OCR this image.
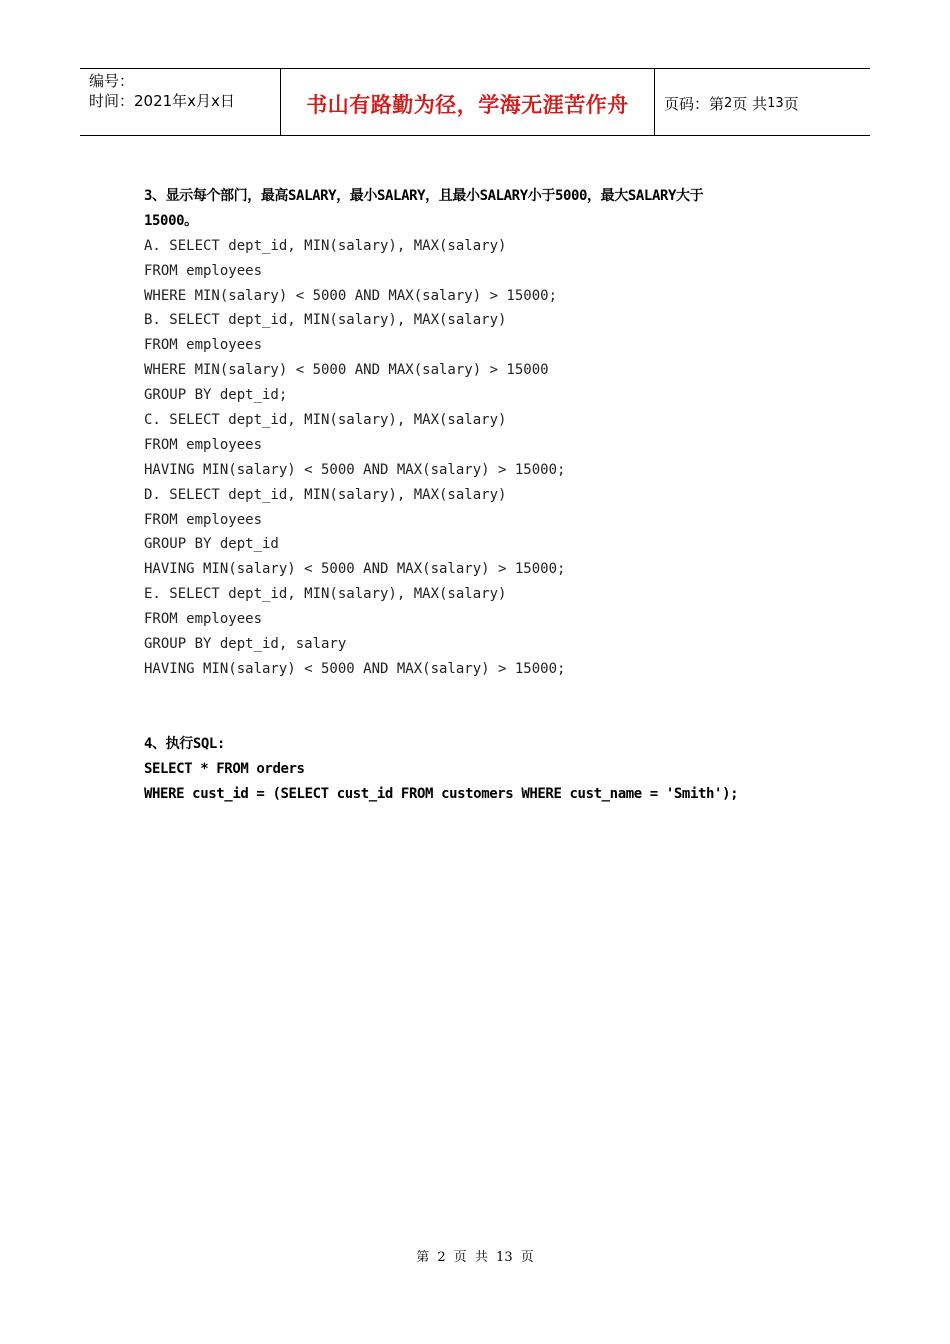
编号：
时间：2021年x月x日	书山有路勤为径，学海无涯苦作舟 页码：第 2 页 共 13 页
3、显示每个部门，最高SALARY，最小SALARY，且最小SALARY小于5000，最大SALARY大于
15000。
A. SELECT dept_id, MIN(salary), MAX(salary)
FROM employees
WHERE MIN(salary) < 5000 AND MAX(salary) > 15000;
B. SELECT dept_id, MIN(salary), MAX(salary)
FROM employees
WHERE MIN(salary) < 5000 AND MAX(salary) > 15000
GROUP BY dept_id;
C. SELECT dept_id, MIN(salary), MAX(salary)
FROM employees
HAVING MIN(salary) < 5000 AND MAX(salary) > 15000;
D. SELECT dept_id, MIN(salary), MAX(salary)
FROM employees
GROUP BY dept_id
HAVING MIN(salary) < 5000 AND MAX(salary) > 15000;
E. SELECT dept_id, MIN(salary), MAX(salary)
FROM employees
GROUP BY dept_id, salary
HAVING MIN(salary) < 5000 AND MAX(salary) > 15000;
4、执行SQL:
SELECT * FROM orders
WHERE cust_id = (SELECT cust_id FROM customers WHERE cust_name = 'Smith');
第 2 页 共 13 页
